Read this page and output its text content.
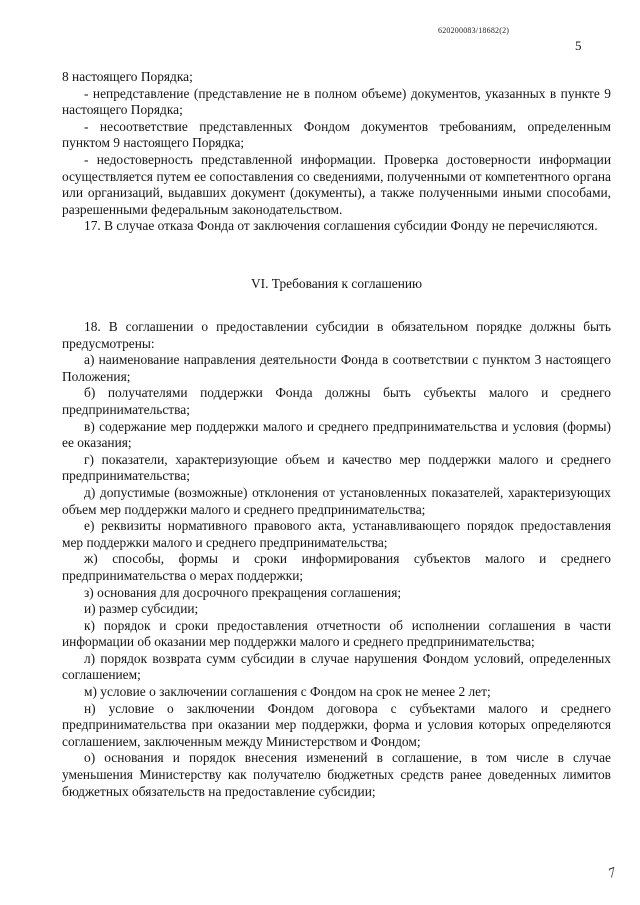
620200083/18682(2)
5

8 настоящего Порядка;

- непредставление (представление не в полном объеме) документов, указанных в пункте 9 настоящего Порядка;

- несоответствие представленных Фондом документов требованиям, определенным пунктом 9 настоящего Порядка;

- недостоверность представленной информации. Проверка достоверности информации осуществляется путем ее сопоставления со сведениями, полученными от компетентного органа или организаций, выдавших документ (документы), а также полученными иными способами, разрешенными федеральным законодательством.

17. В случае отказа Фонда от заключения соглашения субсидии Фонду не перечисляются.

VI. Требования к соглашению

18. В соглашении о предоставлении субсидии в обязательном порядке должны быть предусмотрены:

а) наименование направления деятельности Фонда в соответствии с пунктом 3 настоящего Положения;

б) получателями поддержки Фонда должны быть субъекты малого и среднего предпринимательства;

в) содержание мер поддержки малого и среднего предпринимательства и условия (формы) ее оказания;

г) показатели, характеризующие объем и качество мер поддержки малого и среднего предпринимательства;

д) допустимые (возможные) отклонения от установленных показателей, характеризующих объем мер поддержки малого и среднего предпринимательства;

е) реквизиты нормативного правового акта, устанавливающего порядок предоставления мер поддержки малого и среднего предпринимательства;

ж) способы, формы и сроки информирования субъектов малого и среднего предпринимательства о мерах поддержки;

з) основания для досрочного прекращения соглашения;

и) размер субсидии;

к) порядок и сроки предоставления отчетности об исполнении соглашения в части информации об оказании мер поддержки малого и среднего предпринимательства;

л) порядок возврата сумм субсидии в случае нарушения Фондом условий, определенных соглашением;

м) условие о заключении соглашения с Фондом на срок не менее 2 лет;

н) условие о заключении Фондом договора с субъектами малого и среднего предпринимательства при оказании мер поддержки, форма и условия которых определяются соглашением, заключенным между Министерством и Фондом;

о) основания и порядок внесения изменений в соглашение, в том числе в случае уменьшения Министерству как получателю бюджетных средств ранее доведенных лимитов бюджетных обязательств на предоставление субсидии;

7
